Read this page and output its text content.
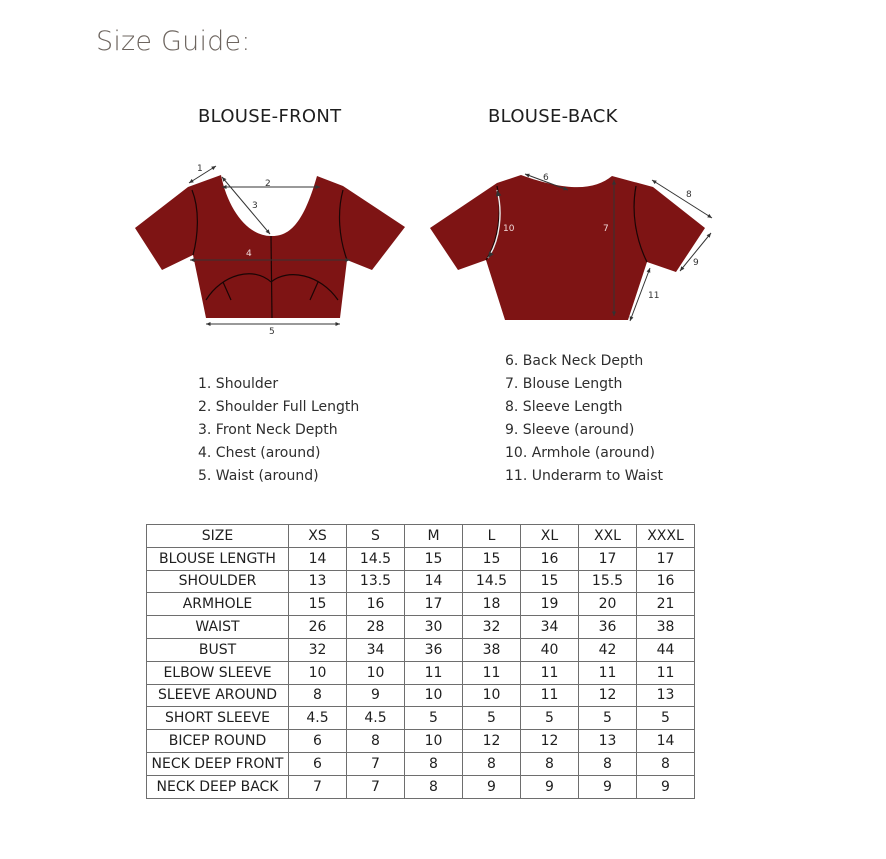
Size Guide:
BLOUSE-FRONT	BLOUSE-BACK
1
2
3
4
5
6
7
8
9
10
11
1. Shoulder
2. Shoulder Full Length
3. Front Neck Depth
4. Chest (around)
5. Waist (around)
6. Back Neck Depth
7. Blouse Length
8. Sleeve Length
9. Sleeve (around)
10. Armhole (around)
11. Underarm to Waist
SIZE	XS	S	M	L	XL	XXL	XXXL
BLOUSE LENGTH	14	14.5	15	15	16	17	17
SHOULDER	13	13.5	14	14.5	15	15.5	16
ARMHOLE	15	16	17	18	19	20	21
WAIST	26	28	30	32	34	36	38
BUST	32	34	36	38	40	42	44
ELBOW SLEEVE	10	10	11	11	11	11	11
SLEEVE AROUND	8	9	10	10	11	12	13
SHORT SLEEVE	4.5	4.5	5	5	5	5	5
BICEP ROUND	6	8	10	12	12	13	14
NECK DEEP FRONT	6	7	8	8	8	8	8
NECK DEEP BACK	7	7	8	9	9	9	9
